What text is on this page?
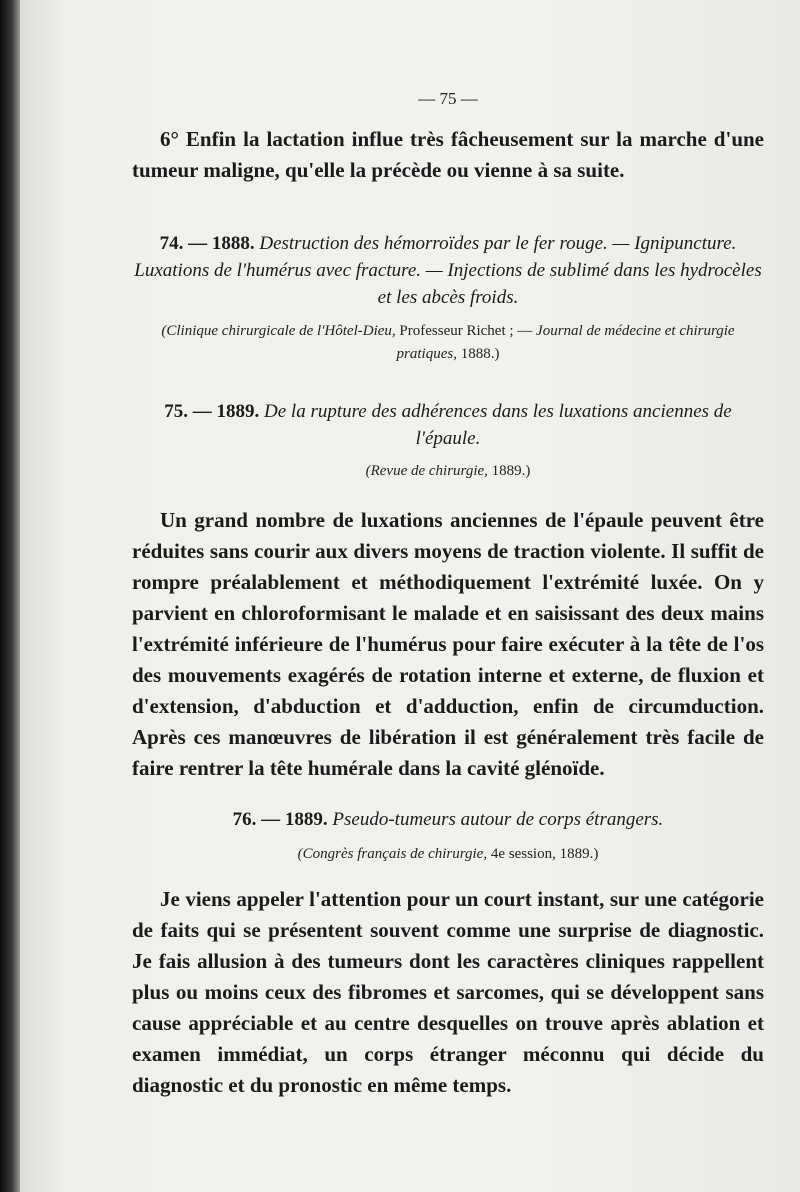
— 75 —

6° Enfin la lactation influe très fâcheusement sur la marche d'une tumeur maligne, qu'elle la précède ou vienne à sa suite.

74. — 1888. Destruction des hémorroïdes par le fer rouge. — Ignipuncture. Luxations de l'humérus avec fracture. — Injections de sublimé dans les hydrocèles et les abcès froids.
(Clinique chirurgicale de l'Hôtel-Dieu, Professeur Richet ; — Journal de médecine et chirurgie pratiques, 1888.)
75. — 1889. De la rupture des adhérences dans les luxations anciennes de l'épaule.
(Revue de chirurgie, 1889.)

Un grand nombre de luxations anciennes de l'épaule peuvent être réduites sans courir aux divers moyens de traction violente. Il suffit de rompre préalablement et méthodiquement l'extrémité luxée. On y parvient en chloroformisant le malade et en saisissant des deux mains l'extrémité inférieure de l'humérus pour faire exécuter à la tête de l'os des mouvements exagérés de rotation interne et externe, de fluxion et d'extension, d'abduction et d'adduction, enfin de circumduction. Après ces manœuvres de libération il est généralement très facile de faire rentrer la tête humérale dans la cavité glénoïde.

76. — 1889. Pseudo-tumeurs autour de corps étrangers.
(Congrès français de chirurgie, 4e session, 1889.)

Je viens appeler l'attention pour un court instant, sur une catégorie de faits qui se présentent souvent comme une surprise de diagnostic. Je fais allusion à des tumeurs dont les caractères cliniques rappellent plus ou moins ceux des fibromes et sarcomes, qui se développent sans cause appréciable et au centre desquelles on trouve après ablation et examen immédiat, un corps étranger méconnu qui décide du diagnostic et du pronostic en même temps.
